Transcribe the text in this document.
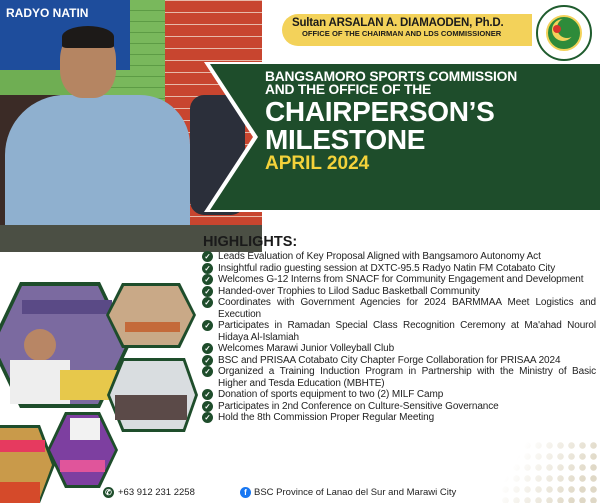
RADYO NATIN
Sultan ARSALAN A. DIAMAODEN, Ph.D.
OFFICE OF THE CHAIRMAN AND LDS COMMISSIONER
BANGSAMORO SPORTS COMMISSION
AND THE OFFICE OF THE
CHAIRPERSON’S
MILESTONE
APRIL 2024
HIGHLIGHTS:
✓ Leads Evaluation of Key Proposal Aligned with Bangsamoro Autonomy Act
✓ Insightful radio guesting session at DXTC-95.5 Radyo Natin FM Cotabato City
✓ Welcomes G-12 Interns from SNACF for Community Engagement and Development
✓ Handed-over Trophies to Lilod Saduc Basketball Community
✓ Coordinates with Government Agencies for 2024 BARMMAA Meet Logistics and Execution
✓ Participates in Ramadan Special Class Recognition Ceremony at Ma'ahad Nourol Hidaya Al-Islamiah
✓ Welcomes Marawi Junior Volleyball Club
✓ BSC and PRISAA Cotabato City Chapter Forge Collaboration for PRISAA 2024
✓ Organized a Training Induction Program in Partnership with the Ministry of Basic Higher and Tesda Education (MBHTE)
✓ Donation of sports equipment to two (2) MILF Camp
✓ Participates in 2nd Conference on Culture-Sensitive Governance
✓ Hold the 8th Commission Proper Regular Meeting
✆ +63 912 231 2258	f BSC Province of Lanao del Sur and Marawi City
